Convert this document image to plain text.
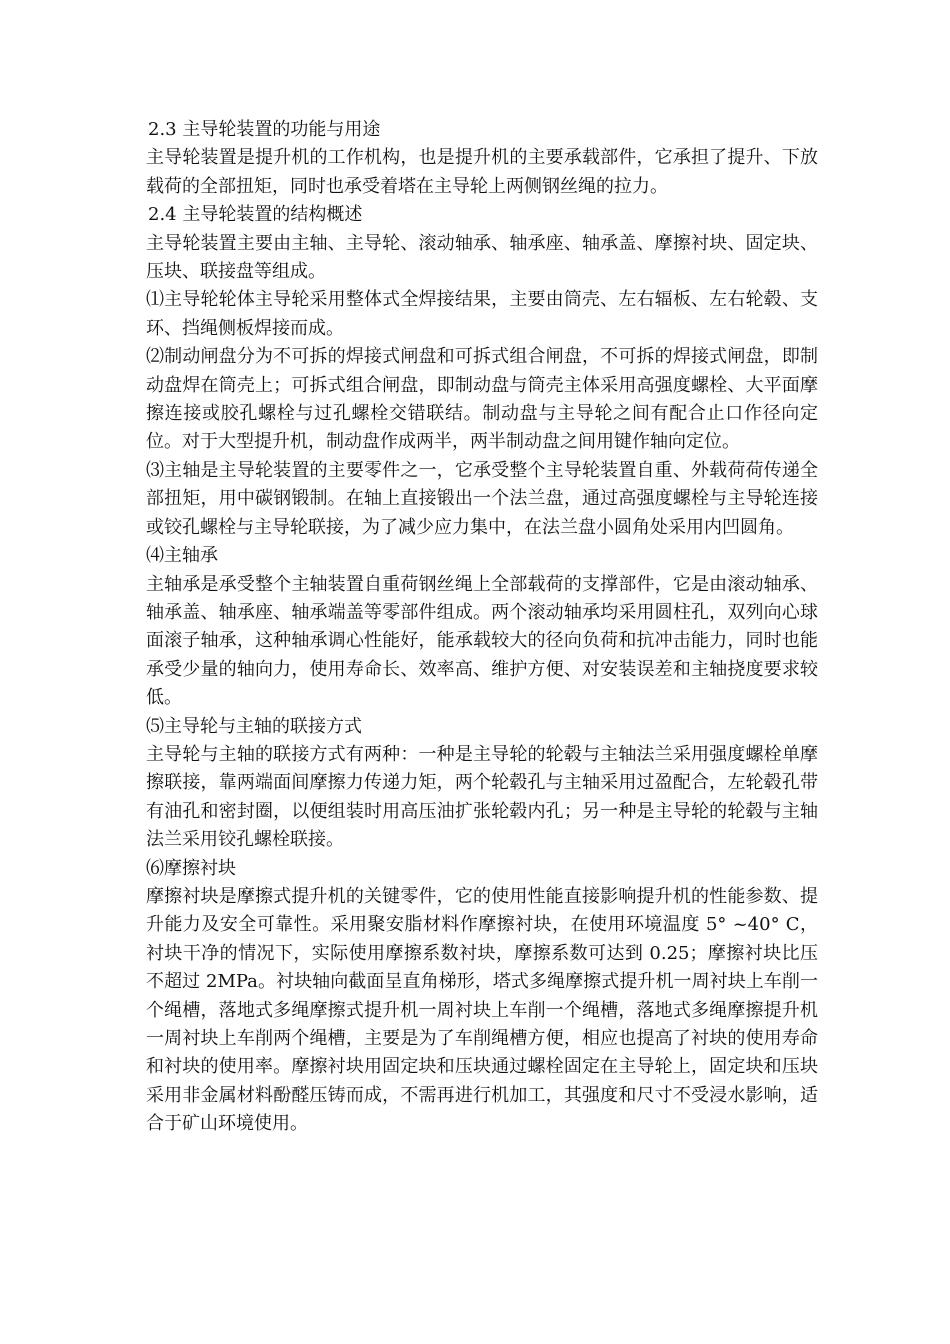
2.3 主导轮装置的功能与用途

主导轮装置是提升机的工作机构，也是提升机的主要承载部件，它承担了提升、下放载荷的全部扭矩，同时也承受着塔在主导轮上两侧钢丝绳的拉力。

2.4 主导轮装置的结构概述

主导轮装置主要由主轴、主导轮、滚动轴承、轴承座、轴承盖、摩擦衬块、固定块、压块、联接盘等组成。

⑴主导轮轮体主导轮采用整体式全焊接结果，主要由筒壳、左右辐板、左右轮毂、支环、挡绳侧板焊接而成。

⑵制动闸盘分为不可拆的焊接式闸盘和可拆式组合闸盘，不可拆的焊接式闸盘，即制动盘焊在筒壳上；可拆式组合闸盘，即制动盘与筒壳主体采用高强度螺栓、大平面摩擦连接或胶孔螺栓与过孔螺栓交错联结。制动盘与主导轮之间有配合止口作径向定位。对于大型提升机，制动盘作成两半，两半制动盘之间用键作轴向定位。

⑶主轴是主导轮装置的主要零件之一，它承受整个主导轮装置自重、外载荷荷传递全部扭矩，用中碳钢锻制。在轴上直接锻出一个法兰盘，通过高强度螺栓与主导轮连接或铰孔螺栓与主导轮联接，为了减少应力集中，在法兰盘小圆角处采用内凹圆角。

⑷主轴承

主轴承是承受整个主轴装置自重荷钢丝绳上全部载荷的支撑部件，它是由滚动轴承、轴承盖、轴承座、轴承端盖等零部件组成。两个滚动轴承均采用圆柱孔，双列向心球面滚子轴承，这种轴承调心性能好，能承载较大的径向负荷和抗冲击能力，同时也能承受少量的轴向力，使用寿命长、效率高、维护方便、对安装误差和主轴挠度要求较低。

⑸主导轮与主轴的联接方式

主导轮与主轴的联接方式有两种：一种是主导轮的轮毂与主轴法兰采用强度螺栓单摩擦联接，靠两端面间摩擦力传递力矩，两个轮毂孔与主轴采用过盈配合，左轮毂孔带有油孔和密封圈，以便组装时用高压油扩张轮毂内孔；另一种是主导轮的轮毂与主轴法兰采用铰孔螺栓联接。

⑹摩擦衬块

摩擦衬块是摩擦式提升机的关键零件，它的使用性能直接影响提升机的性能参数、提升能力及安全可靠性。采用聚安脂材料作摩擦衬块，在使用环境温度 5° ~40° C，衬块干净的情况下，实际使用摩擦系数衬块，摩擦系数可达到 0.25；摩擦衬块比压不超过 2MPa。衬块轴向截面呈直角梯形，塔式多绳摩擦式提升机一周衬块上车削一个绳槽，落地式多绳摩擦式提升机一周衬块上车削一个绳槽，落地式多绳摩擦提升机一周衬块上车削两个绳槽，主要是为了车削绳槽方便，相应也提高了衬块的使用寿命和衬块的使用率。摩擦衬块用固定块和压块通过螺栓固定在主导轮上，固定块和压块采用非金属材料酚醛压铸而成，不需再进行机加工，其强度和尺寸不受浸水影响，适合于矿山环境使用。
